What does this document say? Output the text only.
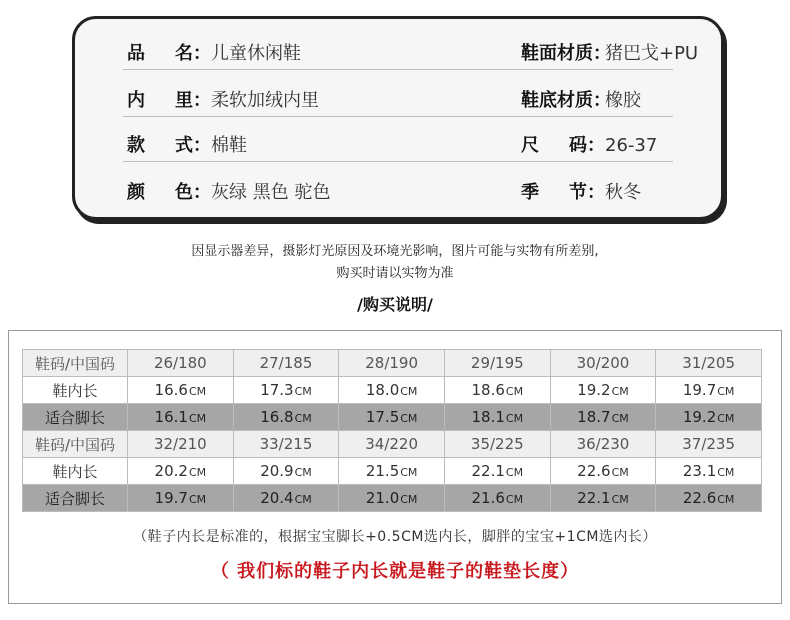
品 名： 儿童休闲鞋	鞋面材质：猪巴戈+PU
内 里： 柔软加绒内里	鞋底材质：橡胶
款 式： 棉鞋	尺 码： 26-37
颜 色： 灰绿 黑色 驼色	季 节： 秋冬
因显示器差异，摄影灯光原因及环境光影响，图片可能与实物有所差别,
购买时请以实物为准
/购买说明/
鞋码/中国码	26/180	27/185	28/190	29/195	30/200	31/205
鞋内长	16.6CM	17.3CM	18.0CM	18.6CM	19.2CM	19.7CM
适合脚长	16.1CM	16.8CM	17.5CM	18.1CM	18.7CM	19.2CM
鞋码/中国码	32/210	33/215	34/220	35/225	36/230	37/235
鞋内长	20.2CM	20.9CM	21.5CM	22.1CM	22.6CM	23.1CM
适合脚长	19.7CM	20.4CM	21.0CM	21.6CM	22.1CM	22.6CM
（鞋子内长是标准的，根据宝宝脚长+0.5CM选内长，脚胖的宝宝+1CM选内长）
（ 我们标的鞋子内长就是鞋子的鞋垫长度）
